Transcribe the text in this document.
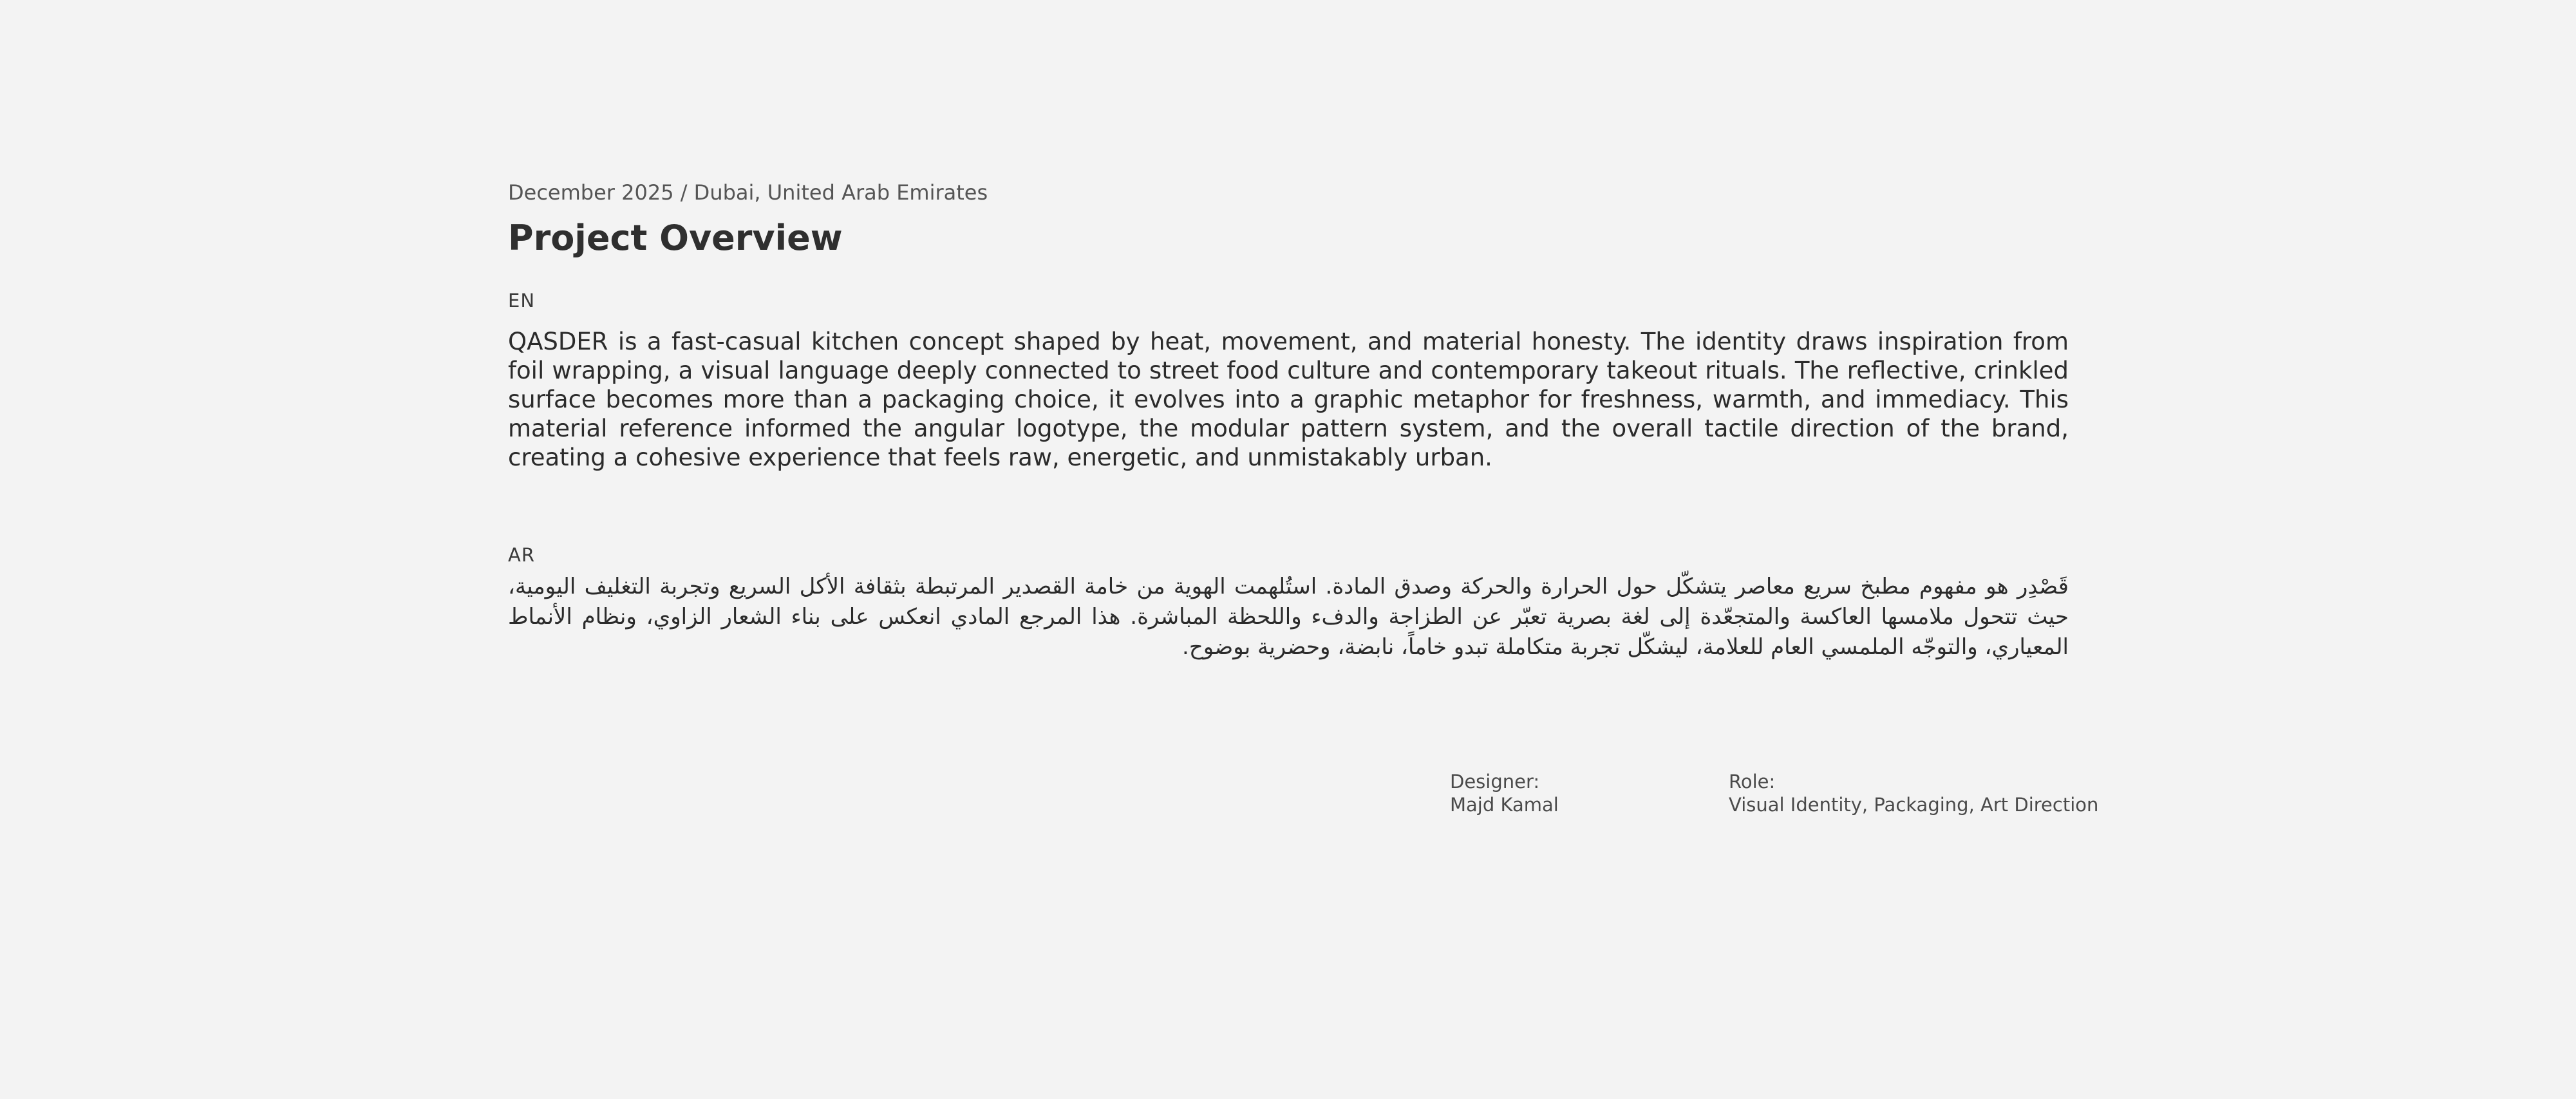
December 2025 / Dubai, United Arab Emirates
Project Overview
EN

QASDER is a fast-casual kitchen concept shaped by heat, movement, and material honesty. The identity draws inspiration from foil wrapping, a visual language deeply connected to street food culture and contemporary takeout rituals. The reflective, crinkled surface becomes more than a packaging choice, it evolves into a graphic metaphor for freshness, warmth, and immediacy. This material reference informed the angular logotype, the modular pattern system, and the overall tactile direction of the brand, creating a cohesive experience that feels raw, energetic, and unmistakably urban.

AR

قَصْدِر هو مفهوم مطبخ سريع معاصر يتشكّل حول الحرارة والحركة وصدق المادة. استُلهمت الهوية من خامة القصدير المرتبطة بثقافة الأكل السريع وتجربة التغليف اليومية، حيث تتحول ملامسها العاكسة والمتجعّدة إلى لغة بصرية تعبّر عن الطزاجة والدفء واللحظة المباشرة. هذا المرجع المادي انعكس على بناء الشعار الزاوي، ونظام الأنماط المعياري، والتوجّه الملمسي العام للعلامة، ليشكّل تجربة متكاملة تبدو خاماً، نابضة، وحضرية بوضوح.

Designer:
Majd Kamal
Role:
Visual Identity, Packaging, Art Direction
